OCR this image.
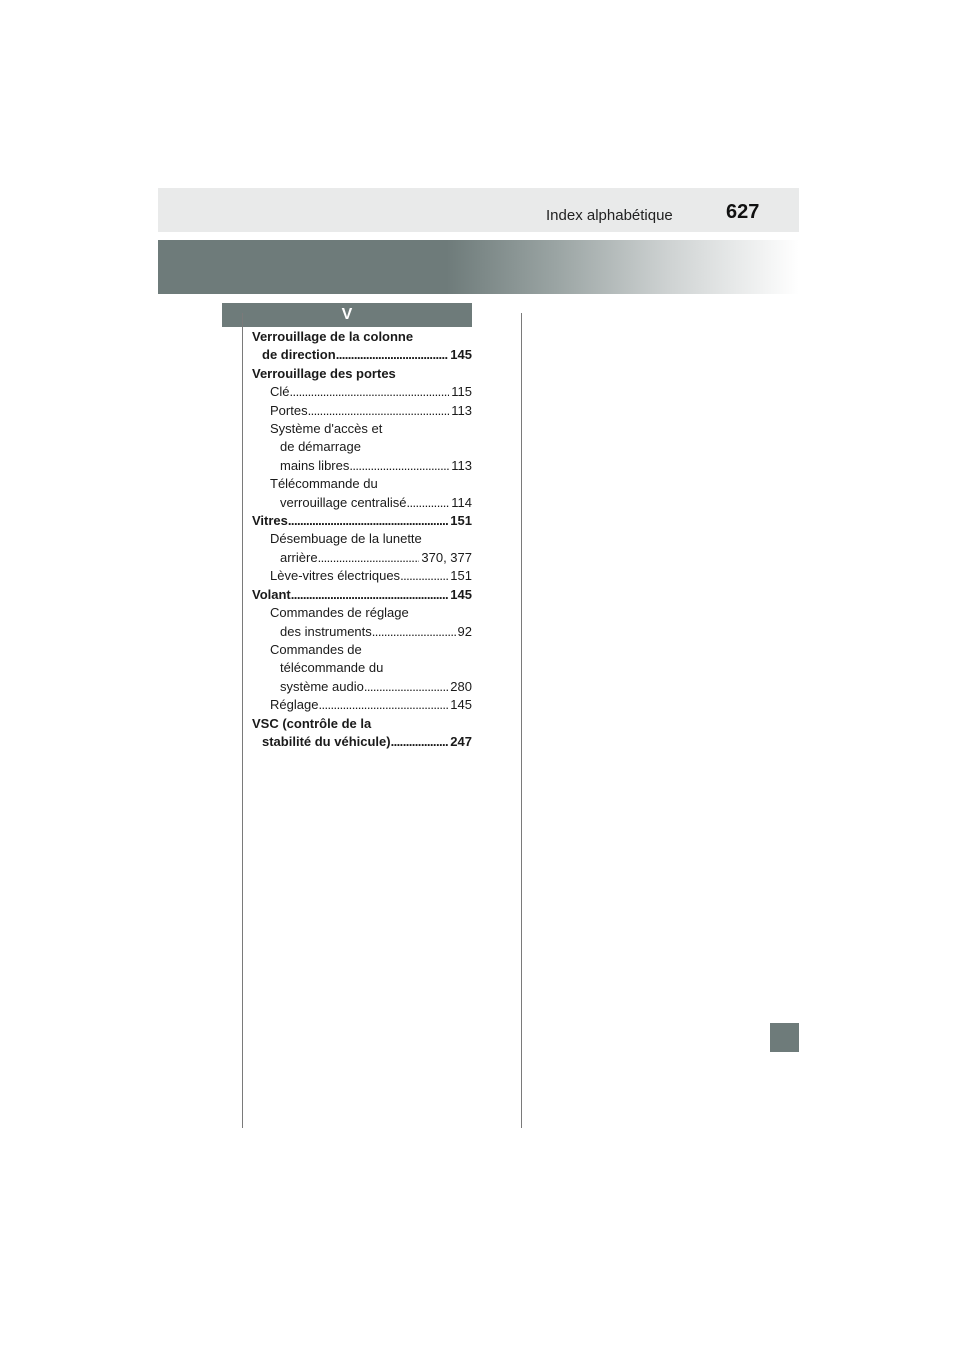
Index alphabétique	627
V
Verrouillage de la colonne
de direction . . .	145
Verrouillage des portes
Clé . . .	115
Portes . . .	113
Système d'accès et
de démarrage
mains libres . . .	113
Télécommande du
verrouillage centralisé . . .	114
Vitres . . .	151
Désembuage de la lunette
arrière . . .	370, 377
Lève-vitres électriques . . .	151
Volant . . .	145
Commandes de réglage
des instruments . . .	92
Commandes de
télécommande du
système audio . . .	280
Réglage . . .	145
VSC (contrôle de la
stabilité du véhicule) . . .	247
